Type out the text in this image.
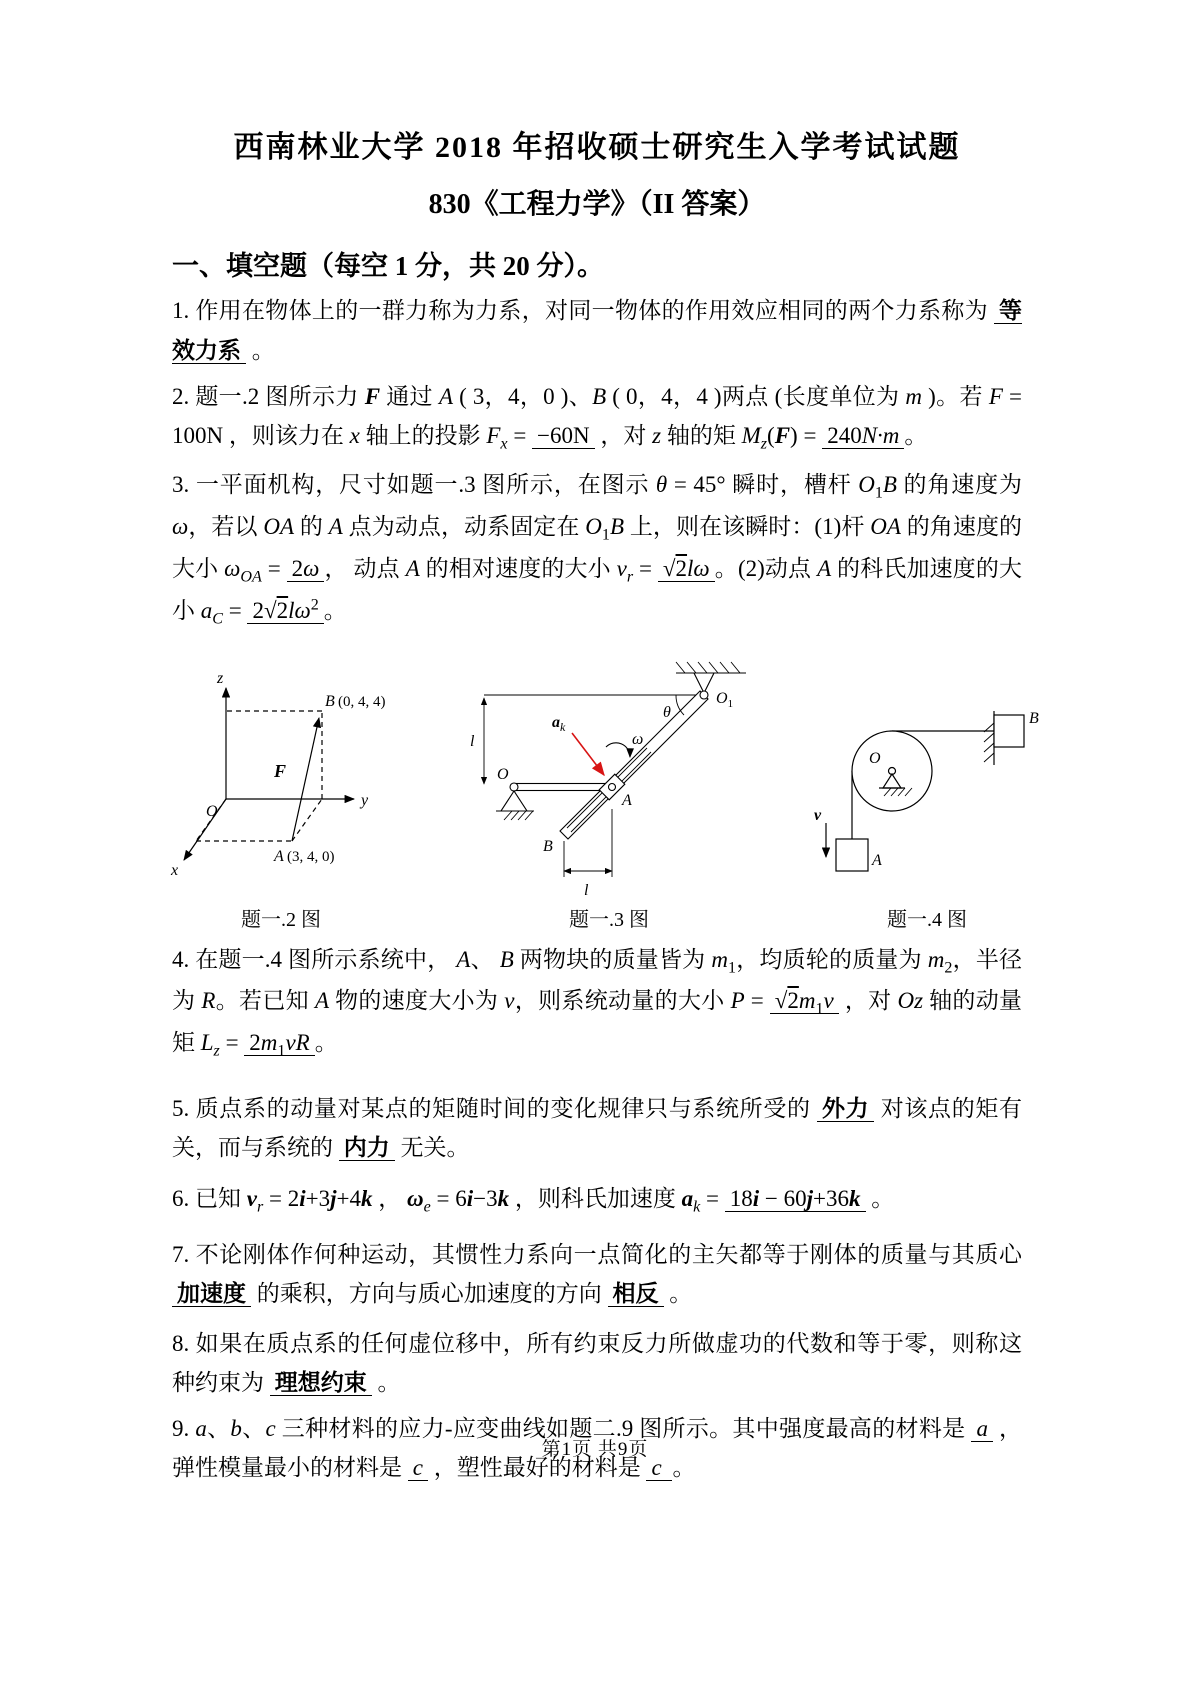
西南林业大学 2018 年招收硕士研究生入学考试试题
830《工程力学》（II 答案）
一、填空题（每空 1 分，共 20 分）。

1. 作用在物体上的一群力称为力系，对同一物体的作用效应相同的两个力系称为 等效力系 。

2. 题一.2 图所示力 F 通过 A ( 3，4，0 )、B ( 0，4，4 )两点 (长度单位为 m )。若 F = 100N ，则该力在 x 轴上的投影 $F_x = -60N$ ，对 z 轴的矩 $M_z(F) = 240N\cdot m$ 。

3. 一平面机构，尺寸如题一.3 图所示，在图示 θ = 45° 瞬时，槽杆 $O_1B$ 的角速度为 ω，若以 OA 的 A 点为动点，动系固定在 $O_1B$ 上，则在该瞬时：(1)杆 OA 的角速度的大小 $\omega_{OA} = 2\omega$ ， 动点 A 的相对速度的大小 $v_r = √2l\omega$ 。(2)动点 A 的科氏加速度的大小 $a_C = 2√2l\omega^2$ 。

z
y
x
O
F
B (0, 4, 4)
A (3, 4, 0)
题一.2 图
$O_1$
θ
ω
$a_k$
l
l
O
A
B
题一.3 图
O
B
A
v
题一.4 图

4. 在题一.4 图所示系统中， A、 B 两物块的质量皆为 $m_1$，均质轮的质量为 $m_2$，半径为 R。若已知 A 物的速度大小为 v，则系统动量的大小 $P = √2m_1v$ ，对 Oz 轴的动量矩 $L_z = 2m_1vR$ 。

5. 质点系的动量对某点的矩随时间的变化规律只与系统所受的 外力 对该点的矩有关，而与系统的 内力 无关。

6. 已知 $v_r = 2i+3j+4k$ ， $\omega_e = 6i-3k$ ，则科氏加速度 $a_k = 18i - 60j+36k$ 。

7. 不论刚体作何种运动，其惯性力系向一点简化的主矢都等于刚体的质量与其质心 加速度 的乘积，方向与质心加速度的方向 相反 。

8. 如果在质点系的任何虚位移中，所有约束反力所做虚功的代数和等于零，则称这种约束为 理想约束 。

9. a、b、c 三种材料的应力-应变曲线如题二.9 图所示。其中强度最高的材料是 a ，弹性模量最小的材料是 c ，塑性最好的材料是 c 。

第1页 共9页
